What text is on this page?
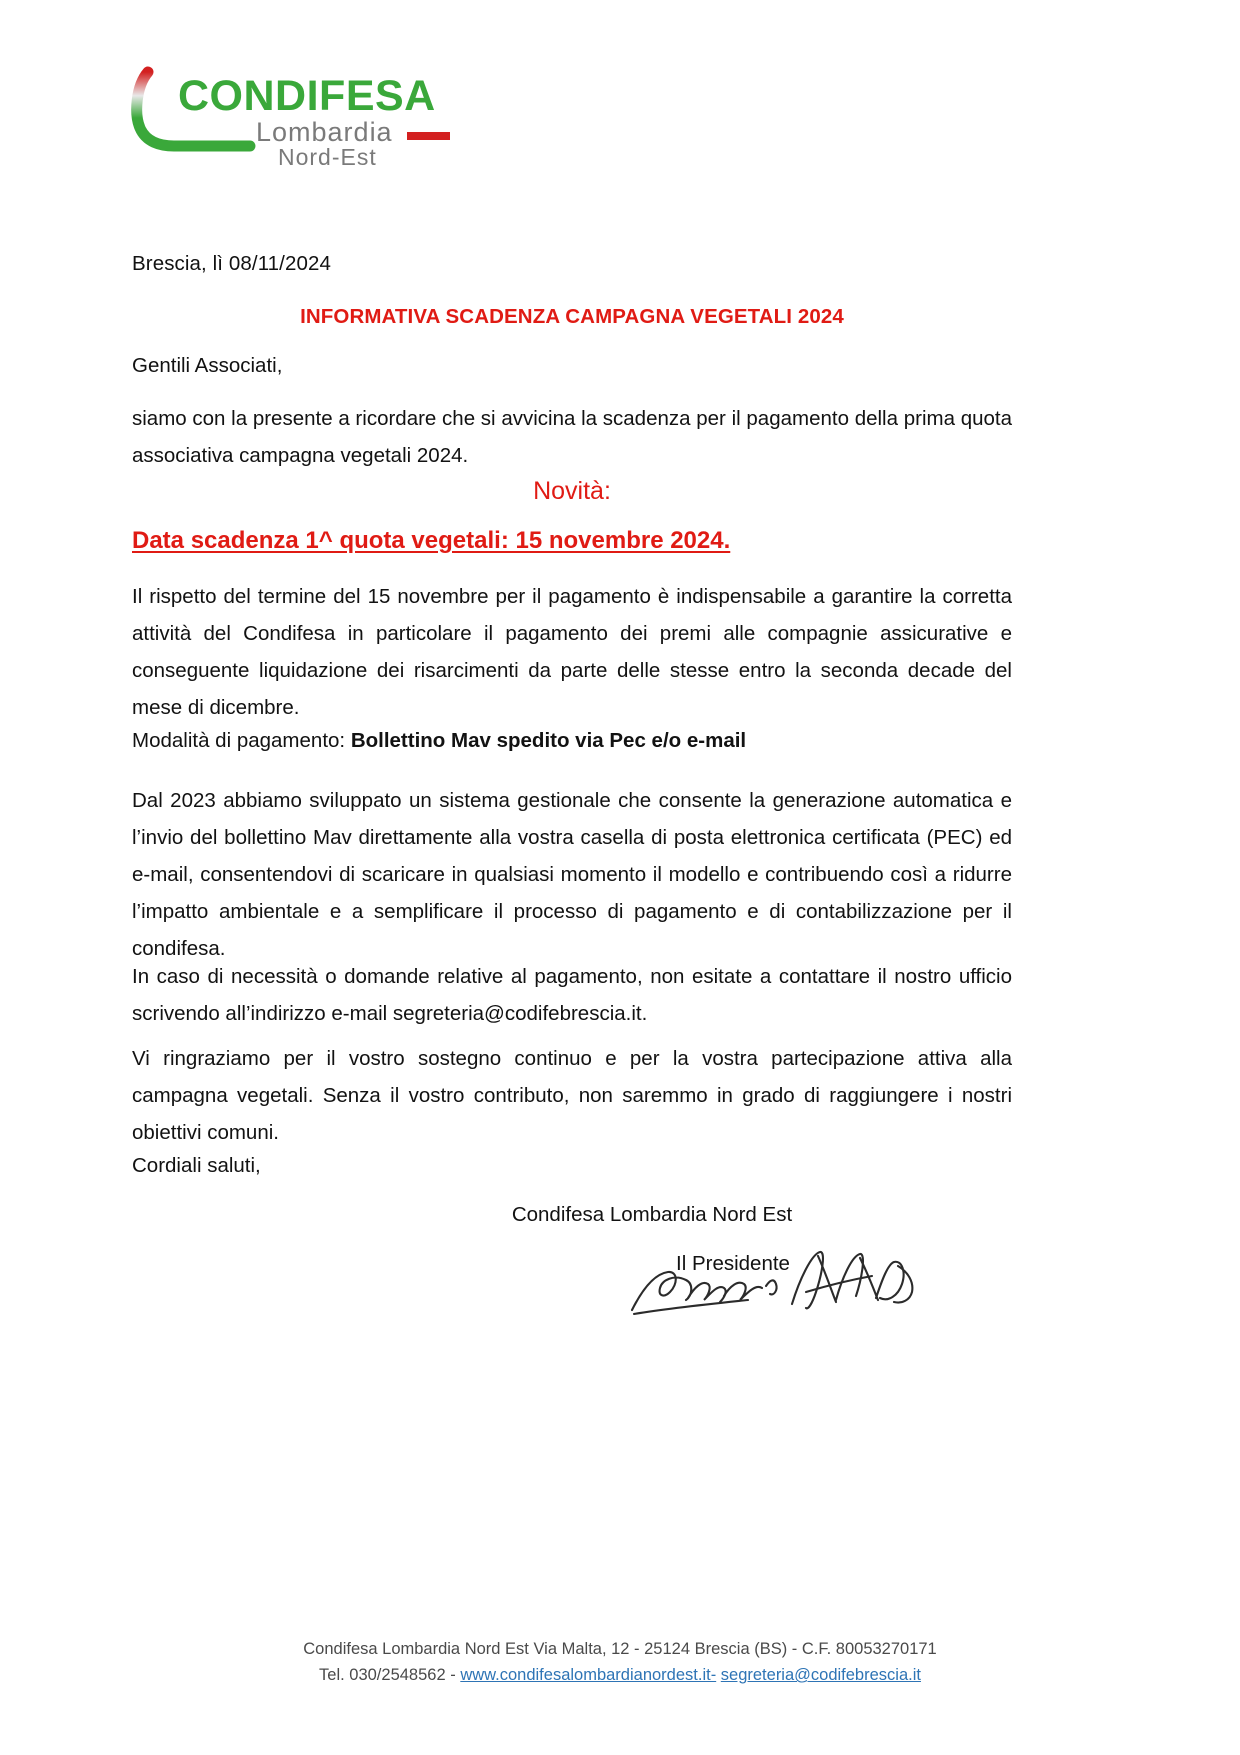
CONDIFESA
Lombardia
Nord-Est
Brescia, lì 08/11/2024
INFORMATIVA SCADENZA CAMPAGNA VEGETALI 2024
Gentili Associati,
siamo con la presente a ricordare che si avvicina la scadenza per il pagamento della prima quota associativa campagna vegetali 2024.
Novità:
Data scadenza 1^ quota vegetali: 15 novembre 2024.
Il rispetto del termine del 15 novembre per il pagamento è indispensabile a garantire la corretta attività del Condifesa in particolare il pagamento dei premi alle compagnie assicurative e conseguente liquidazione dei risarcimenti da parte delle stesse entro la seconda decade del mese di dicembre.
Modalità di pagamento: Bollettino Mav spedito via Pec e/o e-mail
Dal 2023 abbiamo sviluppato un sistema gestionale che consente la generazione automatica e l’invio del bollettino Mav direttamente alla vostra casella di posta elettronica certificata (PEC) ed e-mail, consentendovi di scaricare in qualsiasi momento il modello e contribuendo così a ridurre l’impatto ambientale e a semplificare il processo di pagamento e di contabilizzazione per il condifesa.
In caso di necessità o domande relative al pagamento, non esitate a contattare il nostro ufficio scrivendo all’indirizzo e-mail segreteria@codifebrescia.it.
Vi ringraziamo per il vostro sostegno continuo e per la vostra partecipazione attiva alla campagna vegetali. Senza il vostro contributo, non saremmo in grado di raggiungere i nostri obiettivi comuni.
Cordiali saluti,
Condifesa Lombardia Nord Est
Il Presidente
Condifesa Lombardia Nord Est Via Malta, 12 - 25124 Brescia (BS) - C.F. 80053270171
Tel. 030/2548562 - www.condifesalombardianordest.it- segreteria@codifebrescia.it
